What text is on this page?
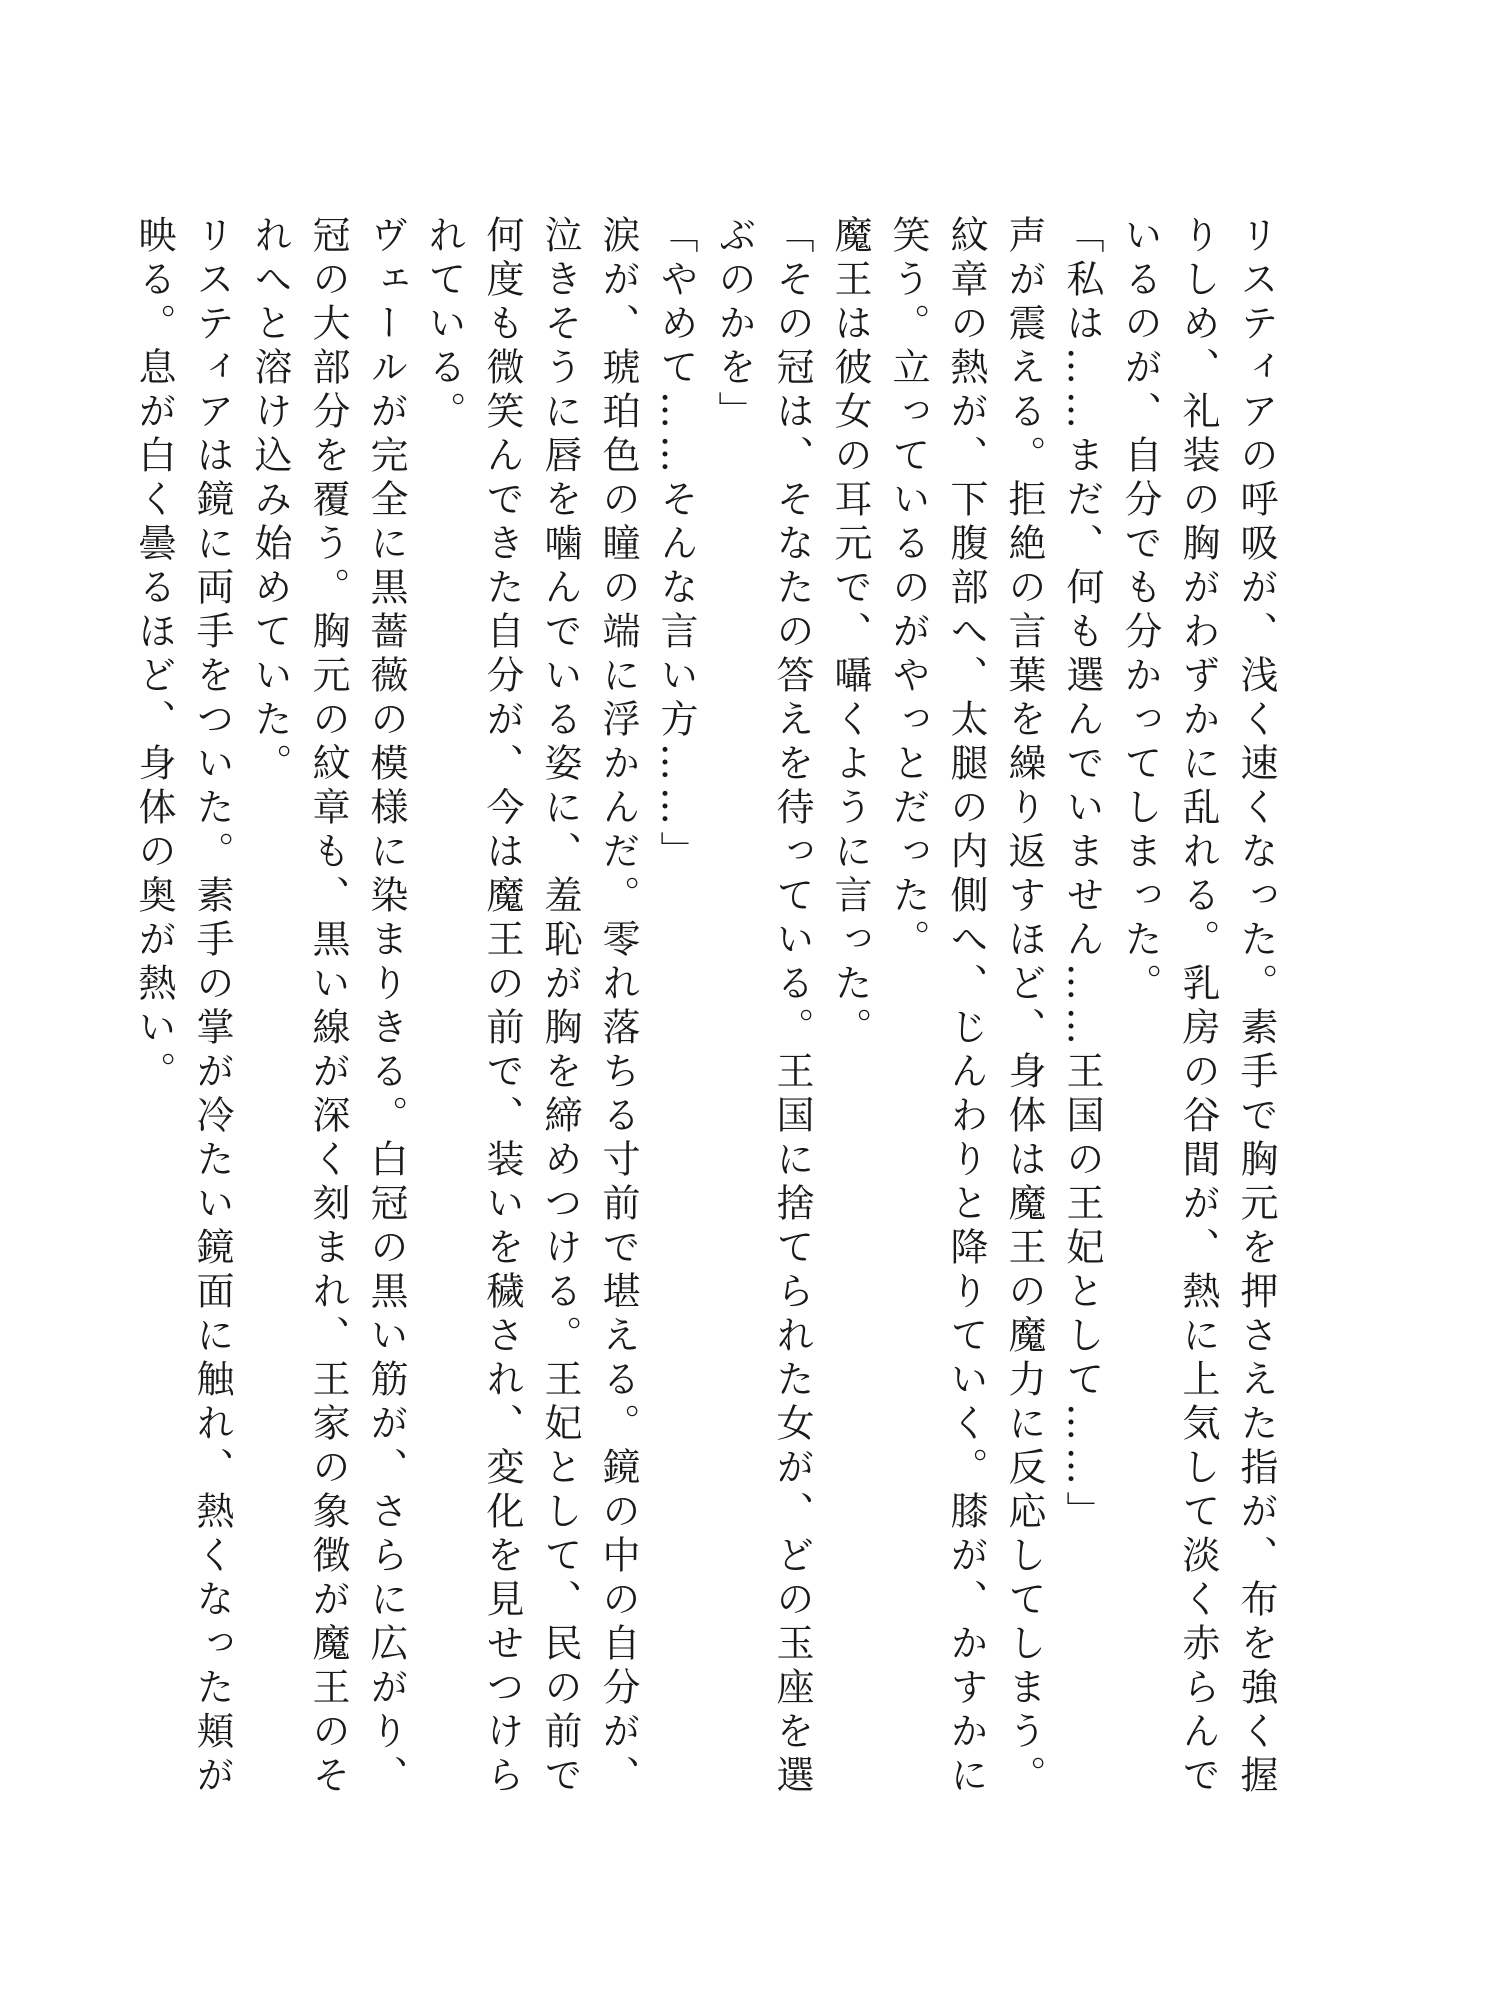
リスティアの呼吸が、浅く速くなった。素手で胸元を押さえた指が、布を強く握りしめ、礼装の胸がわずかに乱れる。乳房の谷間が、熱に上気して淡く赤らんでいるのが、自分でも分かってしまった。

「私は……まだ、何も選んでいません……王国の王妃として……」

声が震える。拒絶の言葉を繰り返すほど、身体は魔王の魔力に反応してしまう。紋章の熱が、下腹部へ、太腿の内側へ、じんわりと降りていく。膝が、かすかに笑う。立っているのがやっとだった。

魔王は彼女の耳元で、囁くように言った。

「その冠は、そなたの答えを待っている。王国に捨てられた女が、どの玉座を選ぶのかを」

「やめて……そんな言い方……」

涙が、琥珀色の瞳の端に浮かんだ。零れ落ちる寸前で堪える。鏡の中の自分が、泣きそうに唇を噛んでいる姿に、羞恥が胸を締めつける。王妃として、民の前で何度も微笑んできた自分が、今は魔王の前で、装いを穢され、変化を見せつけられている。

ヴェールが完全に黒薔薇の模様に染まりきる。白冠の黒い筋が、さらに広がり、冠の大部分を覆う。胸元の紋章も、黒い線が深く刻まれ、王家の象徴が魔王のそれへと溶け込み始めていた。

リスティアは鏡に両手をついた。素手の掌が冷たい鏡面に触れ、熱くなった頬が映る。息が白く曇るほど、身体の奥が熱い。
